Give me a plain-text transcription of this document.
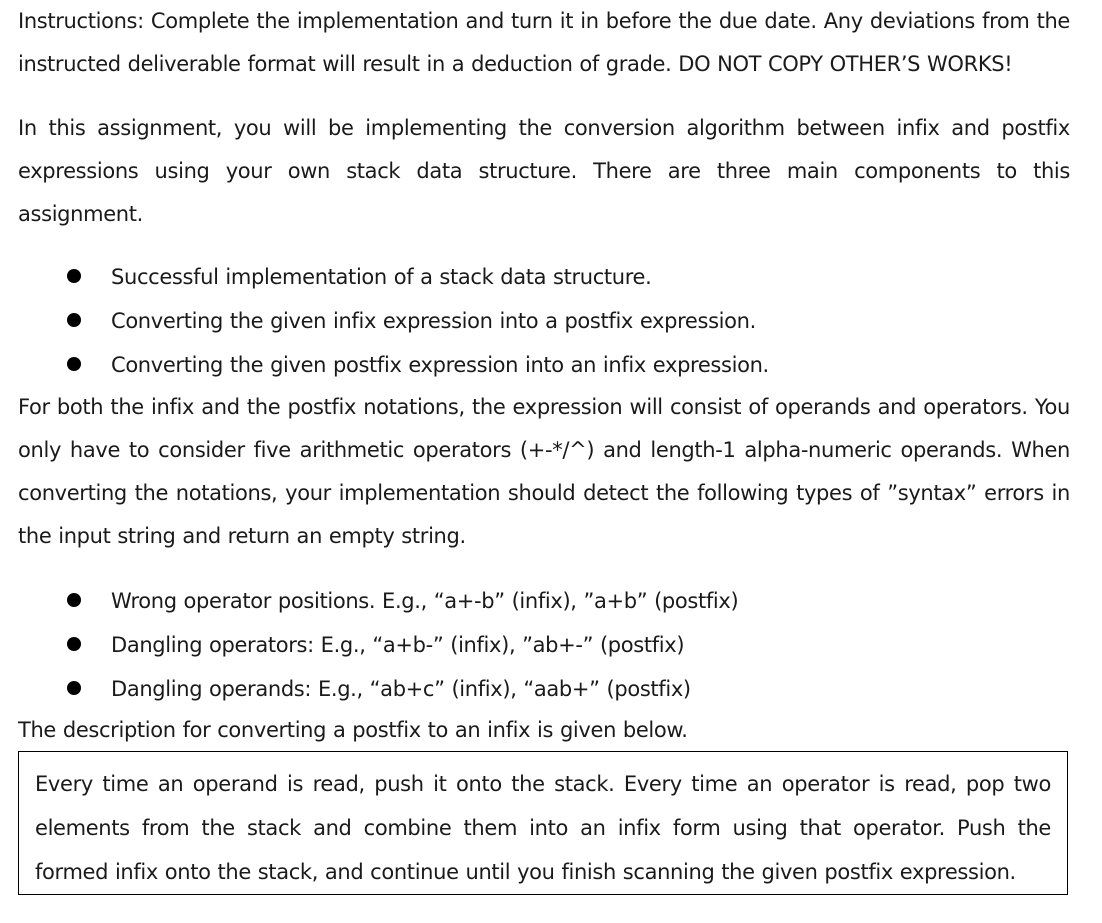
Instructions: Complete the implementation and turn it in before the due date. Any deviations from the instructed deliverable format will result in a deduction of grade. DO NOT COPY OTHER’S WORKS!

In this assignment, you will be implementing the conversion algorithm between infix and postfix expressions using your own stack data structure. There are three main components to this assignment.

Successful implementation of a stack data structure.
Converting the given infix expression into a postfix expression.
Converting the given postfix expression into an infix expression.

For both the infix and the postfix notations, the expression will consist of operands and operators. You only have to consider five arithmetic operators (+-*/^) and length-1 alpha-numeric operands. When converting the notations, your implementation should detect the following types of ”syntax” errors in the input string and return an empty string.

Wrong operator positions. E.g., “a+-b” (infix), ”a+b” (postfix)
Dangling operators: E.g., “a+b-” (infix), ”ab+-” (postfix)
Dangling operands: E.g., “ab+c” (infix), “aab+” (postfix)

The description for converting a postfix to an infix is given below.

Every time an operand is read, push it onto the stack. Every time an operator is read, pop two elements from the stack and combine them into an infix form using that operator. Push the formed infix onto the stack, and continue until you finish scanning the given postfix expression.
